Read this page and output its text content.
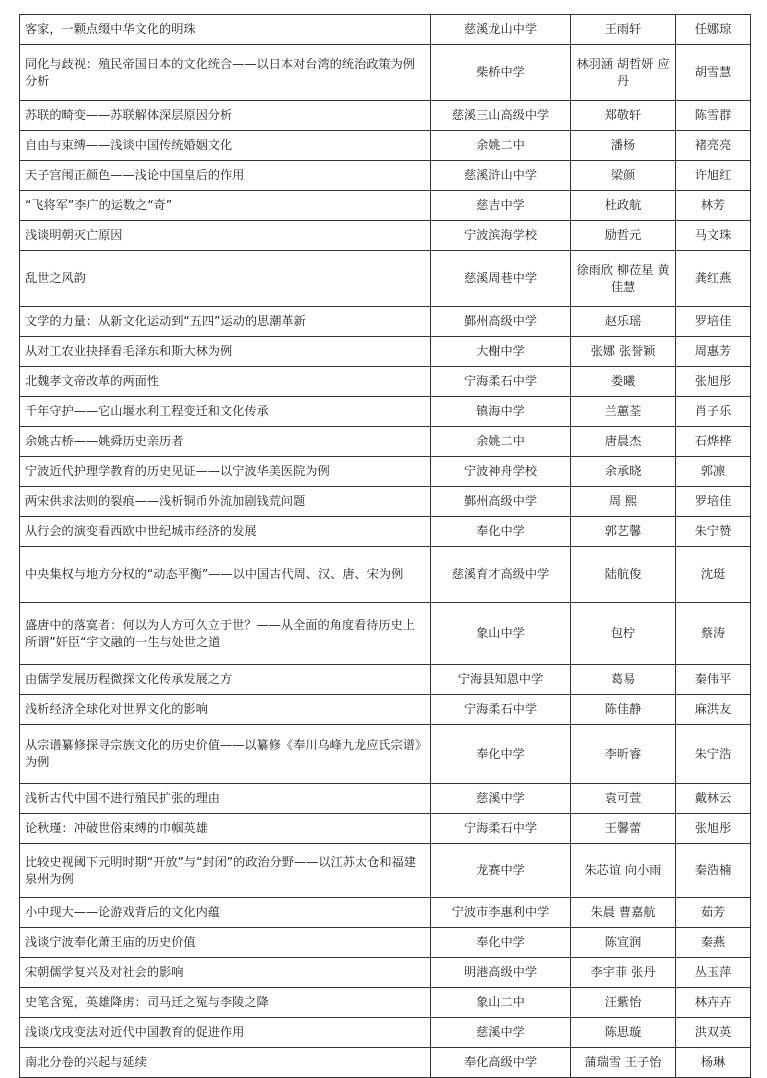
客家，一颗点缀中华文化的明珠	慈溪龙山中学	王雨轩	任娜琼
同化与歧视：殖民帝国日本的文化统合——以日本对台湾的统治政策为例分析	柴桥中学	林羽涵 胡哲妍 应丹	胡雪慧
苏联的畸变——苏联解体深层原因分析	慈溪三山高级中学	郑敬轩	陈雪群
自由与束缚——浅谈中国传统婚姻文化	余姚二中	潘杨	褚亮亮
天子宫闱正颜色——浅论中国皇后的作用	慈溪浒山中学	梁颜	许旭红
“飞将军”李广的运数之“奇”	慈吉中学	杜政航	林芳
浅谈明朝灭亡原因	宁波滨海学校	励哲元	马文珠
乱世之风韵	慈溪周巷中学	徐雨欣 柳莅星 黄佳慧	龚红燕
文学的力量：从新文化运动到“五四”运动的思潮革新	鄞州高级中学	赵乐瑶	罗培佳
从对工农业抉择看毛泽东和斯大林为例	大榭中学	张娜 张誉颖	周惠芳
北魏孝文帝改革的两面性	宁海柔石中学	娄曦	张旭彤
千年守护——它山堰水利工程变迁和文化传承	镇海中学	兰蕙荃	肖子乐
余姚古桥——姚舜历史亲历者	余姚二中	唐晨杰	石烨桦
宁波近代护理学教育的历史见证——以宁波华美医院为例	宁波神舟学校	余承晓	郭凛
两宋供求法则的裂痕——浅析铜币外流加剧钱荒问题	鄞州高级中学	周 熙	罗培佳
从行会的演变看西欧中世纪城市经济的发展	奉化中学	郭艺馨	朱宁赞
中央集权与地方分权的“动态平衡”——以中国古代周、汉、唐、宋为例	慈溪育才高级中学	陆航俊	沈珽
盛唐中的落寞者：何以为人方可久立于世？——从全面的角度看待历史上所谓”奸臣“宇文融的一生与处世之道	象山中学	包柠	蔡涛
由儒学发展历程微探文化传承发展之方	宁海县知恩中学	葛易	秦伟平
浅析经济全球化对世界文化的影响	宁海柔石中学	陈佳静	麻洪友
从宗谱纂修探寻宗族文化的历史价值——以纂修《奉川乌峰九龙应氏宗谱》为例	奉化中学	李昕睿	朱宁浩
浅析古代中国不进行殖民扩张的理由	慈溪中学	袁可萱	戴林云
论秋瑾：冲破世俗束缚的巾帼英雄	宁海柔石中学	王馨蕾	张旭彤
比较史视阈下元明时期“开放”与“封闭”的政治分野——以江苏太仓和福建泉州为例	龙赛中学	朱芯谊 向小雨	秦浩楠
小中现大——论游戏背后的文化内蕴	宁波市李惠利中学	朱晨 曹嘉航	茹芳
浅谈宁波奉化萧王庙的历史价值	奉化中学	陈宣润	秦燕
宋朝儒学复兴及对社会的影响	明港高级中学	李宇菲 张丹	丛玉萍
史笔含冤，英雄降虏：司马迁之冤与李陵之降	象山二中	汪紫怡	林卉卉
浅谈戊戌变法对近代中国教育的促进作用	慈溪中学	陈思璇	洪双英
南北分卷的兴起与延续	奉化高级中学	蒲瑞雪 王子怡	杨琳
